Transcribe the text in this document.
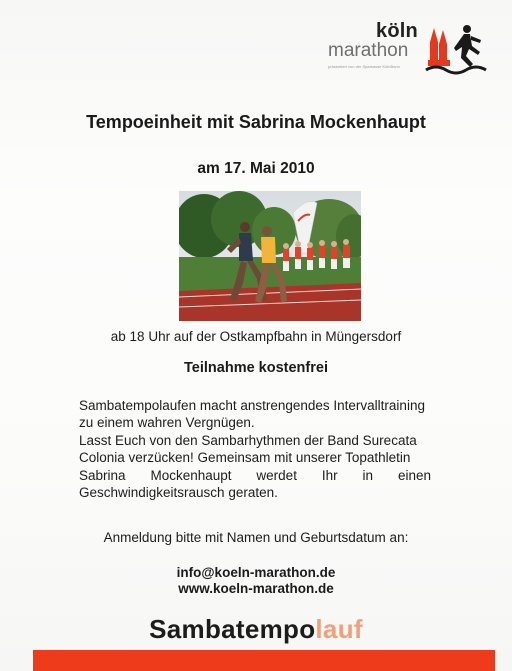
köln
marathon
präsentiert von der Sparkasse KölnBonn
Tempoeinheit mit Sabrina Mockenhaupt
am 17. Mai 2010
ab 18 Uhr auf der Ostkampfbahn in Müngersdorf
Teilnahme kostenfrei
Sambatempolaufen macht anstrengendes Intervalltraining
zu einem wahren Vergnügen.
Lasst Euch von den Sambarhythmen der Band Surecata
Colonia verzücken! Gemeinsam mit unserer Topathletin
Sabrina Mockenhaupt werdet Ihr in einen
Geschwindigkeitsrausch geraten.
Anmeldung bitte mit Namen und Geburtsdatum an:
info@koeln-marathon.de
www.koeln-marathon.de
Sambatempolauf
